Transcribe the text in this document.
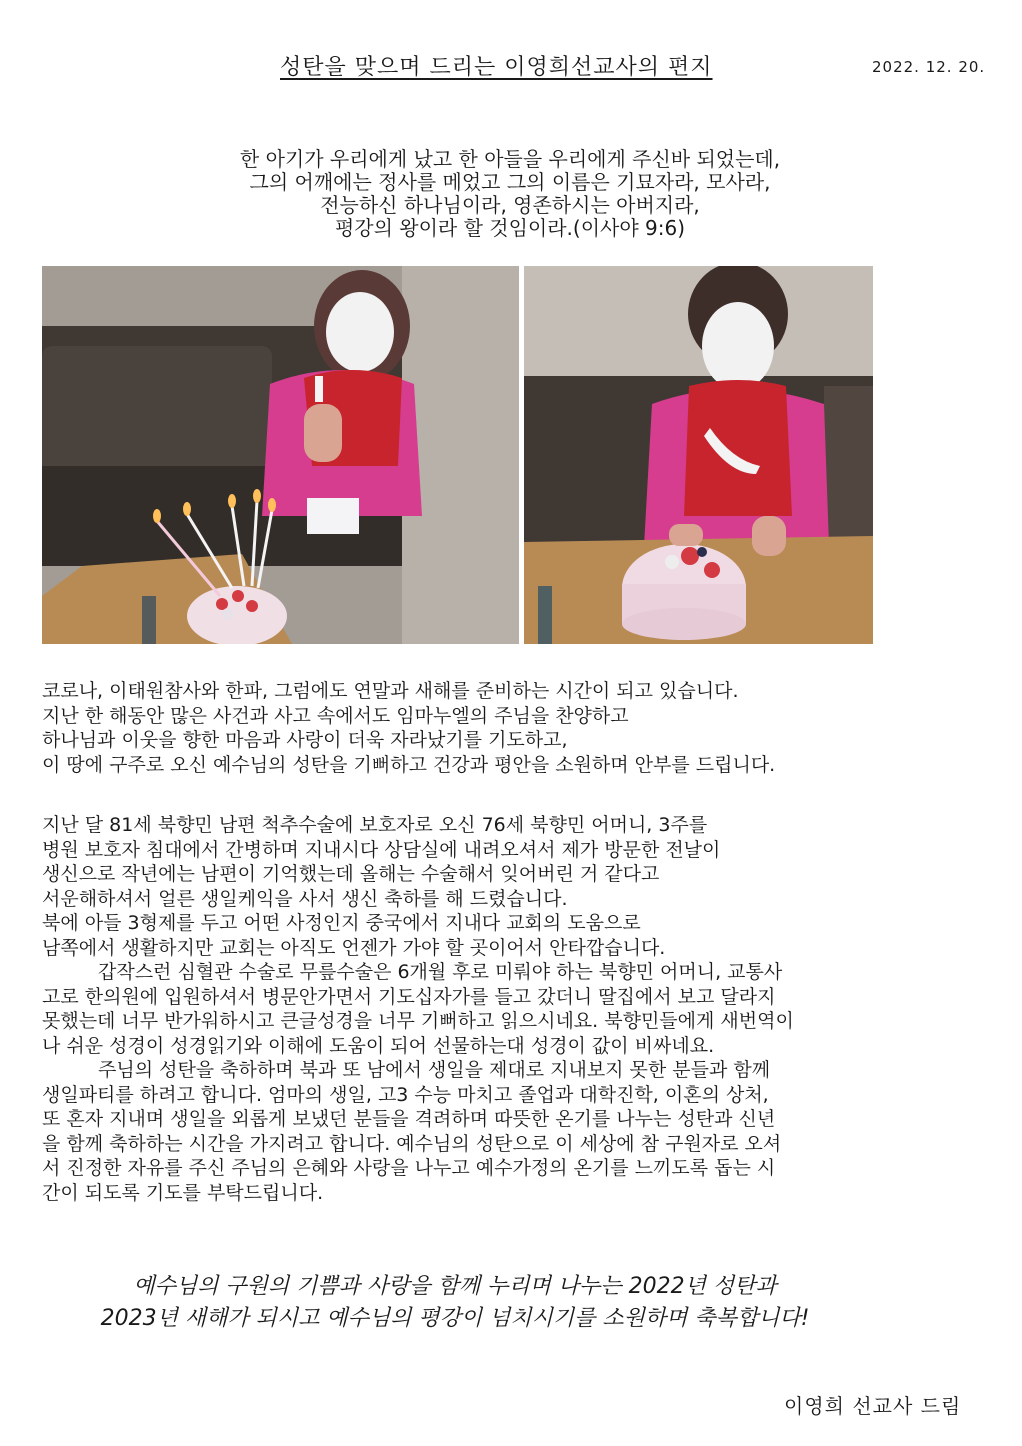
성탄을 맞으며 드리는 이영희선교사의 편지	2022. 12. 20.
한 아기가 우리에게 났고 한 아들을 우리에게 주신바 되었는데,
그의 어깨에는 정사를 메었고 그의 이름은 기묘자라, 모사라,
전능하신 하나님이라, 영존하시는 아버지라,
평강의 왕이라 할 것임이라.(이사야 9:6)

코로나, 이태원참사와 한파, 그럼에도 연말과 새해를 준비하는 시간이 되고 있습니다.

지난 한 해동안 많은 사건과 사고 속에서도 임마누엘의 주님을 찬양하고

하나님과 이웃을 향한 마음과 사랑이 더욱 자라났기를 기도하고,

이 땅에 구주로 오신 예수님의 성탄을 기뻐하고 건강과 평안을 소원하며 안부를 드립니다.

지난 달 81세 북향민 남편 척추수술에 보호자로 오신 76세 북향민 어머니, 3주를

병원 보호자 침대에서 간병하며 지내시다 상담실에 내려오셔서 제가 방문한 전날이

생신으로 작년에는 남편이 기억했는데 올해는 수술해서 잊어버린 거 같다고

서운해하셔서 얼른 생일케익을 사서 생신 축하를 해 드렸습니다.

북에 아들 3형제를 두고 어떤 사정인지 중국에서 지내다 교회의 도움으로

남쪽에서 생활하지만 교회는 아직도 언젠가 가야 할 곳이어서 안타깝습니다.

갑작스런 심혈관 수술로 무릎수술은 6개월 후로 미뤄야 하는 북향민 어머니, 교통사

고로 한의원에 입원하셔서 병문안가면서 기도십자가를 들고 갔더니 딸집에서 보고 달라지

못했는데 너무 반가워하시고 큰글성경을 너무 기뻐하고 읽으시네요. 북향민들에게 새번역이

나 쉬운 성경이 성경읽기와 이해에 도움이 되어 선물하는대 성경이 값이 비싸네요.

주님의 성탄을 축하하며 북과 또 남에서 생일을 제대로 지내보지 못한 분들과 함께

생일파티를 하려고 합니다. 엄마의 생일, 고3 수능 마치고 졸업과 대학진학, 이혼의 상처,

또 혼자 지내며 생일을 외롭게 보냈던 분들을 격려하며 따뜻한 온기를 나누는 성탄과 신년

을 함께 축하하는 시간을 가지려고 합니다. 예수님의 성탄으로 이 세상에 참 구원자로 오셔

서 진정한 자유를 주신 주님의 은혜와 사랑을 나누고 예수가정의 온기를 느끼도록 돕는 시

간이 되도록 기도를 부탁드립니다.

예수님의 구원의 기쁨과 사랑을 함께 누리며 나누는 2022년 성탄과

2023년 새해가 되시고 예수님의 평강이 넘치시기를 소원하며 축복합니다!

이영희 선교사 드림
